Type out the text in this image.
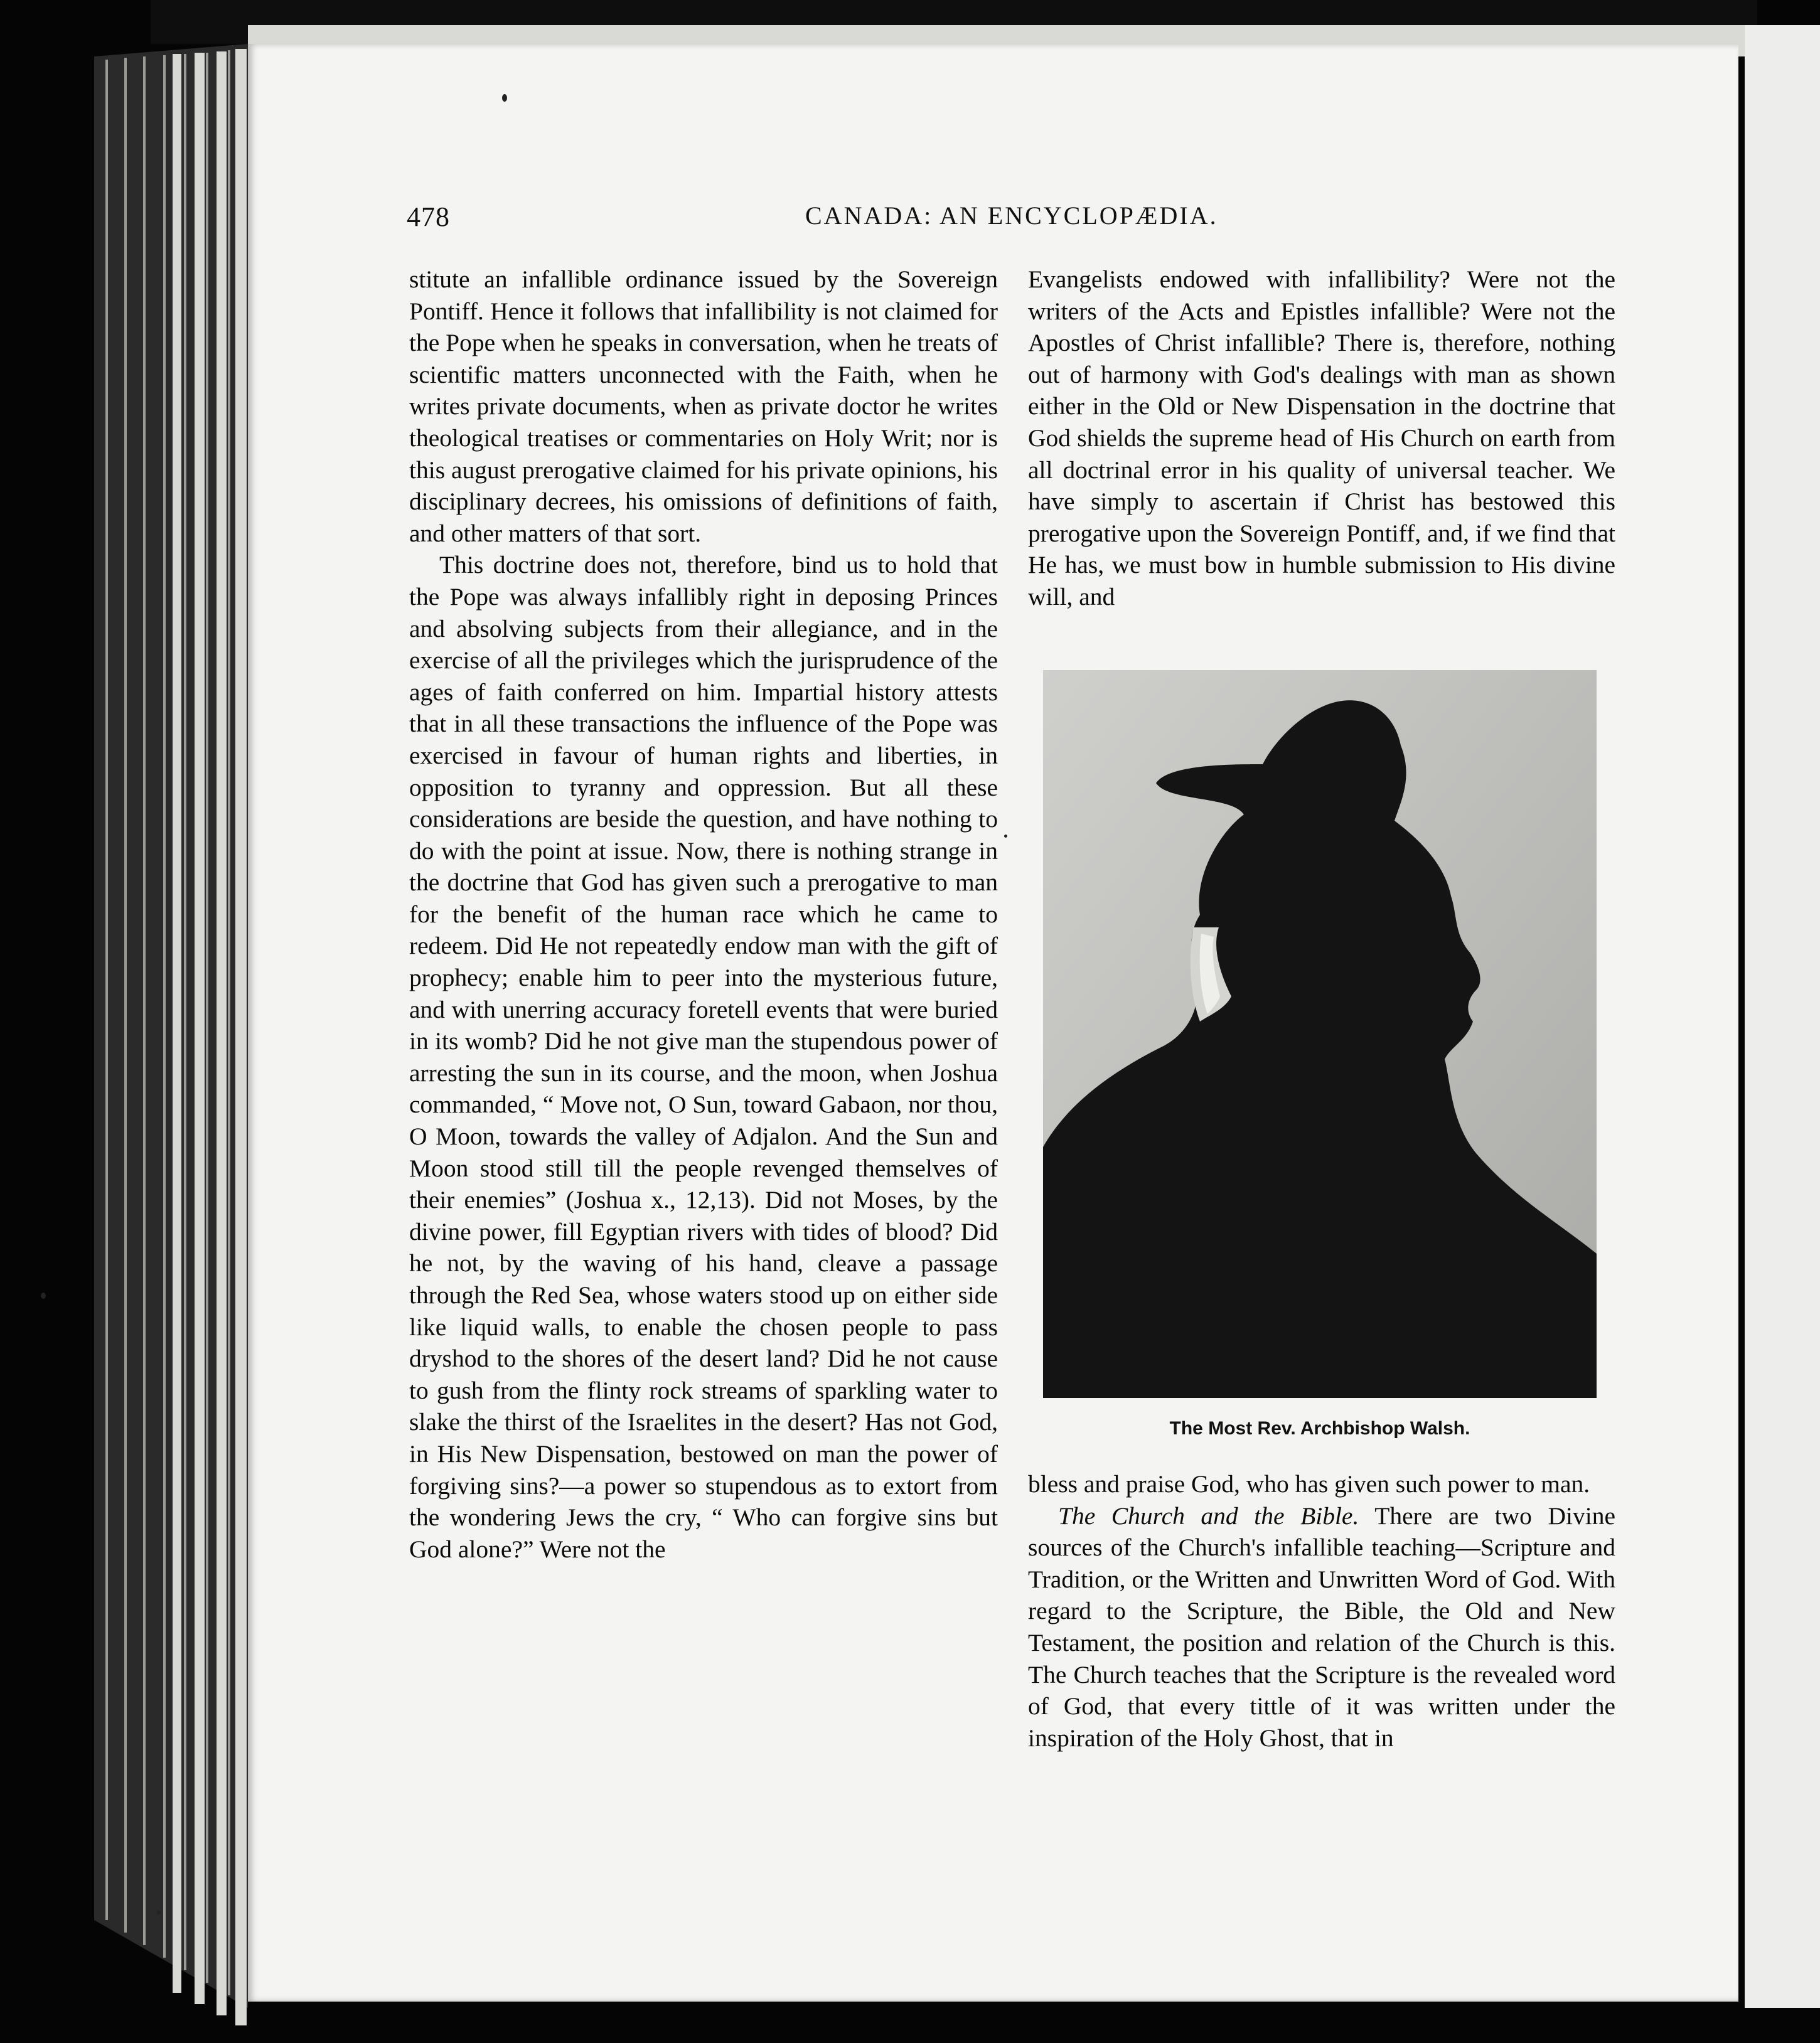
478	CANADA: AN ENCYCLOPÆDIA.

stitute an infallible ordinance issued by the Sovereign Pontiff. Hence it follows that infallibility is not claimed for the Pope when he speaks in conversation, when he treats of scientific matters unconnected with the Faith, when he writes private documents, when as private doctor he writes theological treatises or commentaries on Holy Writ; nor is this august prerogative claimed for his private opinions, his disciplinary decrees, his omissions of definitions of faith, and other matters of that sort.

This doctrine does not, therefore, bind us to hold that the Pope was always infallibly right in deposing Princes and absolving subjects from their allegiance, and in the exercise of all the privileges which the jurisprudence of the ages of faith conferred on him. Impartial history attests that in all these transactions the influence of the Pope was exercised in favour of human rights and liberties, in opposition to tyranny and oppression. But all these considerations are beside the question, and have nothing to do with the point at issue. Now, there is nothing strange in the doctrine that God has given such a prerogative to man for the benefit of the human race which he came to redeem. Did He not repeatedly endow man with the gift of prophecy; enable him to peer into the mysterious future, and with unerring accuracy foretell events that were buried in its womb? Did he not give man the stupendous power of arresting the sun in its course, and the moon, when Joshua commanded, “ Move not, O Sun, toward Gabaon, nor thou, O Moon, towards the valley of Adjalon. And the Sun and Moon stood still till the people revenged themselves of their enemies” (Joshua x., 12,13). Did not Moses, by the divine power, fill Egyptian rivers with tides of blood? Did he not, by the waving of his hand, cleave a passage through the Red Sea, whose waters stood up on either side like liquid walls, to enable the chosen people to pass dryshod to the shores of the desert land? Did he not cause to gush from the flinty rock streams of sparkling water to slake the thirst of the Israelites in the desert? Has not God, in His New Dispensation, bestowed on man the power of forgiving sins?—a power so stupendous as to extort from the wondering Jews the cry, “ Who can forgive sins but God alone?” Were not the

Evangelists endowed with infallibility? Were not the writers of the Acts and Epistles infallible? Were not the Apostles of Christ infallible? There is, therefore, nothing out of harmony with God's dealings with man as shown either in the Old or New Dispensation in the doctrine that God shields the supreme head of His Church on earth from all doctrinal error in his quality of universal teacher. We have simply to ascertain if Christ has bestowed this prerogative upon the Sovereign Pontiff, and, if we find that He has, we must bow in humble submission to His divine will, and

The Most Rev. Archbishop Walsh.

bless and praise God, who has given such power to man.

The Church and the Bible. There are two Divine sources of the Church's infallible teaching—Scripture and Tradition, or the Written and Unwritten Word of God. With regard to the Scripture, the Bible, the Old and New Testament, the position and relation of the Church is this. The Church teaches that the Scripture is the revealed word of God, that every tittle of it was written under the inspiration of the Holy Ghost, that in
